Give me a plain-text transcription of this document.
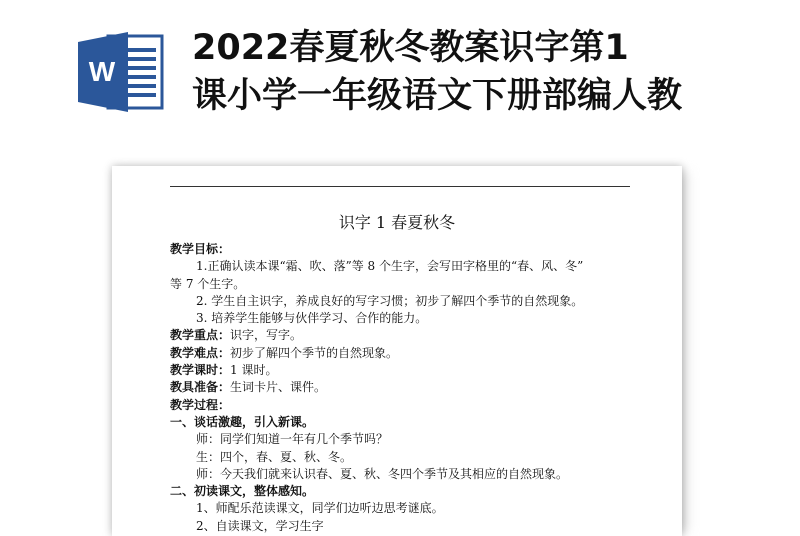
W
2022春夏秋冬教案识字第1
课小学一年级语文下册部编人教
识字 1 春夏秋冬
教学目标：
1.正确认读本课“霜、吹、落”等 8 个生字，会写田字格里的“春、风、冬”
等 7 个生字。
2. 学生自主识字，养成良好的写字习惯；初步了解四个季节的自然现象。
3. 培养学生能够与伙伴学习、合作的能力。
教学重点：识字，写字。
教学难点：初步了解四个季节的自然现象。
教学课时：1 课时。
教具准备：生词卡片、课件。
教学过程：
一、谈话激趣，引入新课。
师：同学们知道一年有几个季节吗？
生：四个，春、夏、秋、冬。
师：今天我们就来认识春、夏、秋、冬四个季节及其相应的自然现象。
二、初读课文，整体感知。
1、师配乐范读课文，同学们边听边思考谜底。
2、自读课文，学习生字
